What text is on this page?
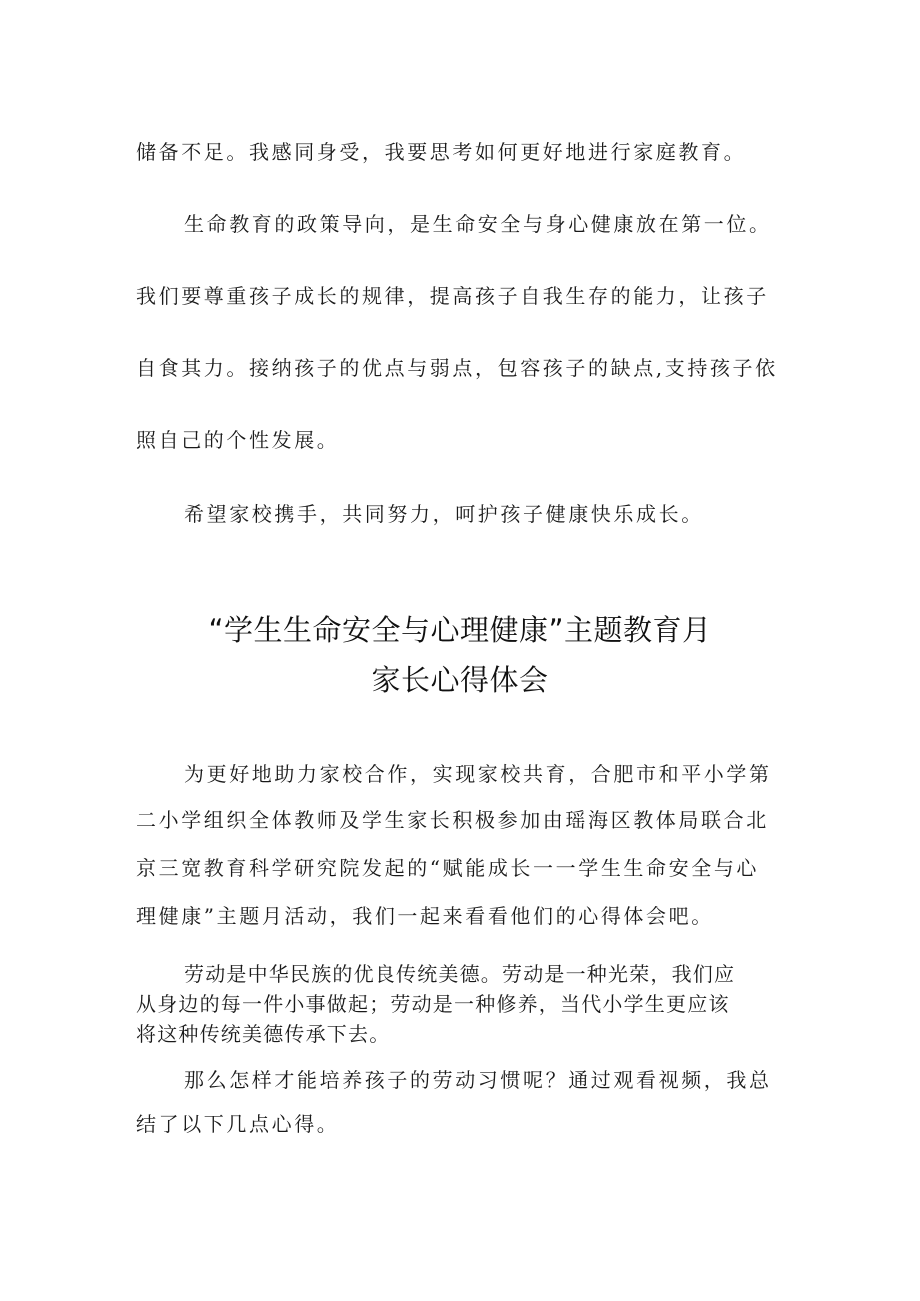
储备不足。我感同身受，我要思考如何更好地进行家庭教育。
生命教育的政策导向，是生命安全与身心健康放在第一位。
我们要尊重孩子成长的规律，提高孩子自我生存的能力，让孩子
自食其力。接纳孩子的优点与弱点，包容孩子的缺点,支持孩子依
照自己的个性发展。
希望家校携手，共同努力，呵护孩子健康快乐成长。
“学生生命安全与心理健康”主题教育月
家长心得体会
为更好地助力家校合作，实现家校共育，合肥市和平小学第
二小学组织全体教师及学生家长积极参加由瑶海区教体局联合北
京三宽教育科学研究院发起的“赋能成长一一学生生命安全与心
理健康”主题月活动，我们一起来看看他们的心得体会吧。
劳动是中华民族的优良传统美德。劳动是一种光荣，我们应
从身边的每一件小事做起；劳动是一种修养，当代小学生更应该
将这种传统美德传承下去。
那么怎样才能培养孩子的劳动习惯呢？通过观看视频，我总
结了以下几点心得。
